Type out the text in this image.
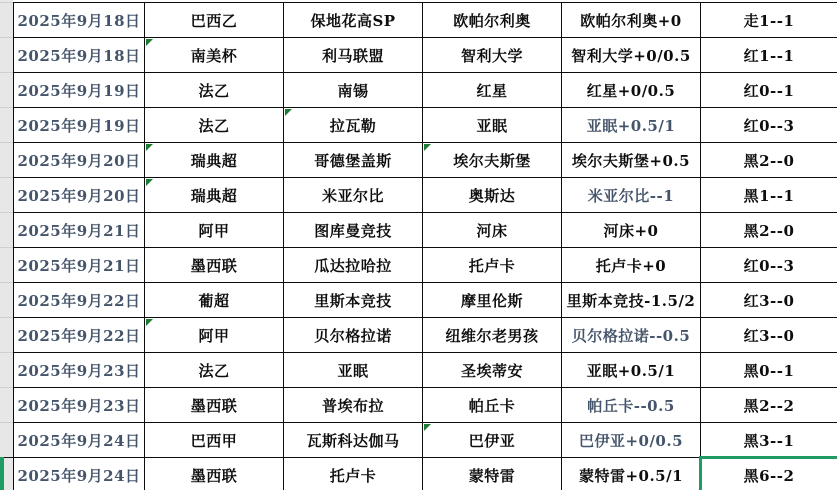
2025年9月18日	巴西乙	保地花高SP	欧帕尔利奥	欧帕尔利奥+0	走1--1
2025年9月18日	南美杯	利马联盟	智利大学	智利大学+0/0.5	红1--1
2025年9月19日	法乙	南锡	红星	红星+0/0.5	红0--1
2025年9月19日	法乙	拉瓦勒	亚眠	亚眠+0.5/1	红0--3
2025年9月20日	瑞典超	哥德堡盖斯	埃尔夫斯堡	埃尔夫斯堡+0.5	黑2--0
2025年9月20日	瑞典超	米亚尔比	奥斯达	米亚尔比--1	黑1--1
2025年9月21日	阿甲	图库曼竞技	河床	河床+0	黑2--0
2025年9月21日	墨西联	瓜达拉哈拉	托卢卡	托卢卡+0	红0--3
2025年9月22日	葡超	里斯本竞技	摩里伦斯	里斯本竞技-1.5/2	红3--0
2025年9月22日	阿甲	贝尔格拉诺	纽维尔老男孩	贝尔格拉诺--0.5	红3--0
2025年9月23日	法乙	亚眠	圣埃蒂安	亚眠+0.5/1	黑0--1
2025年9月23日	墨西联	普埃布拉	帕丘卡	帕丘卡--0.5	黑2--2
2025年9月24日	巴西甲	瓦斯科达伽马	巴伊亚	巴伊亚+0/0.5	黑3--1
2025年9月24日	墨西联	托卢卡	蒙特雷	蒙特雷+0.5/1	黑6--2
